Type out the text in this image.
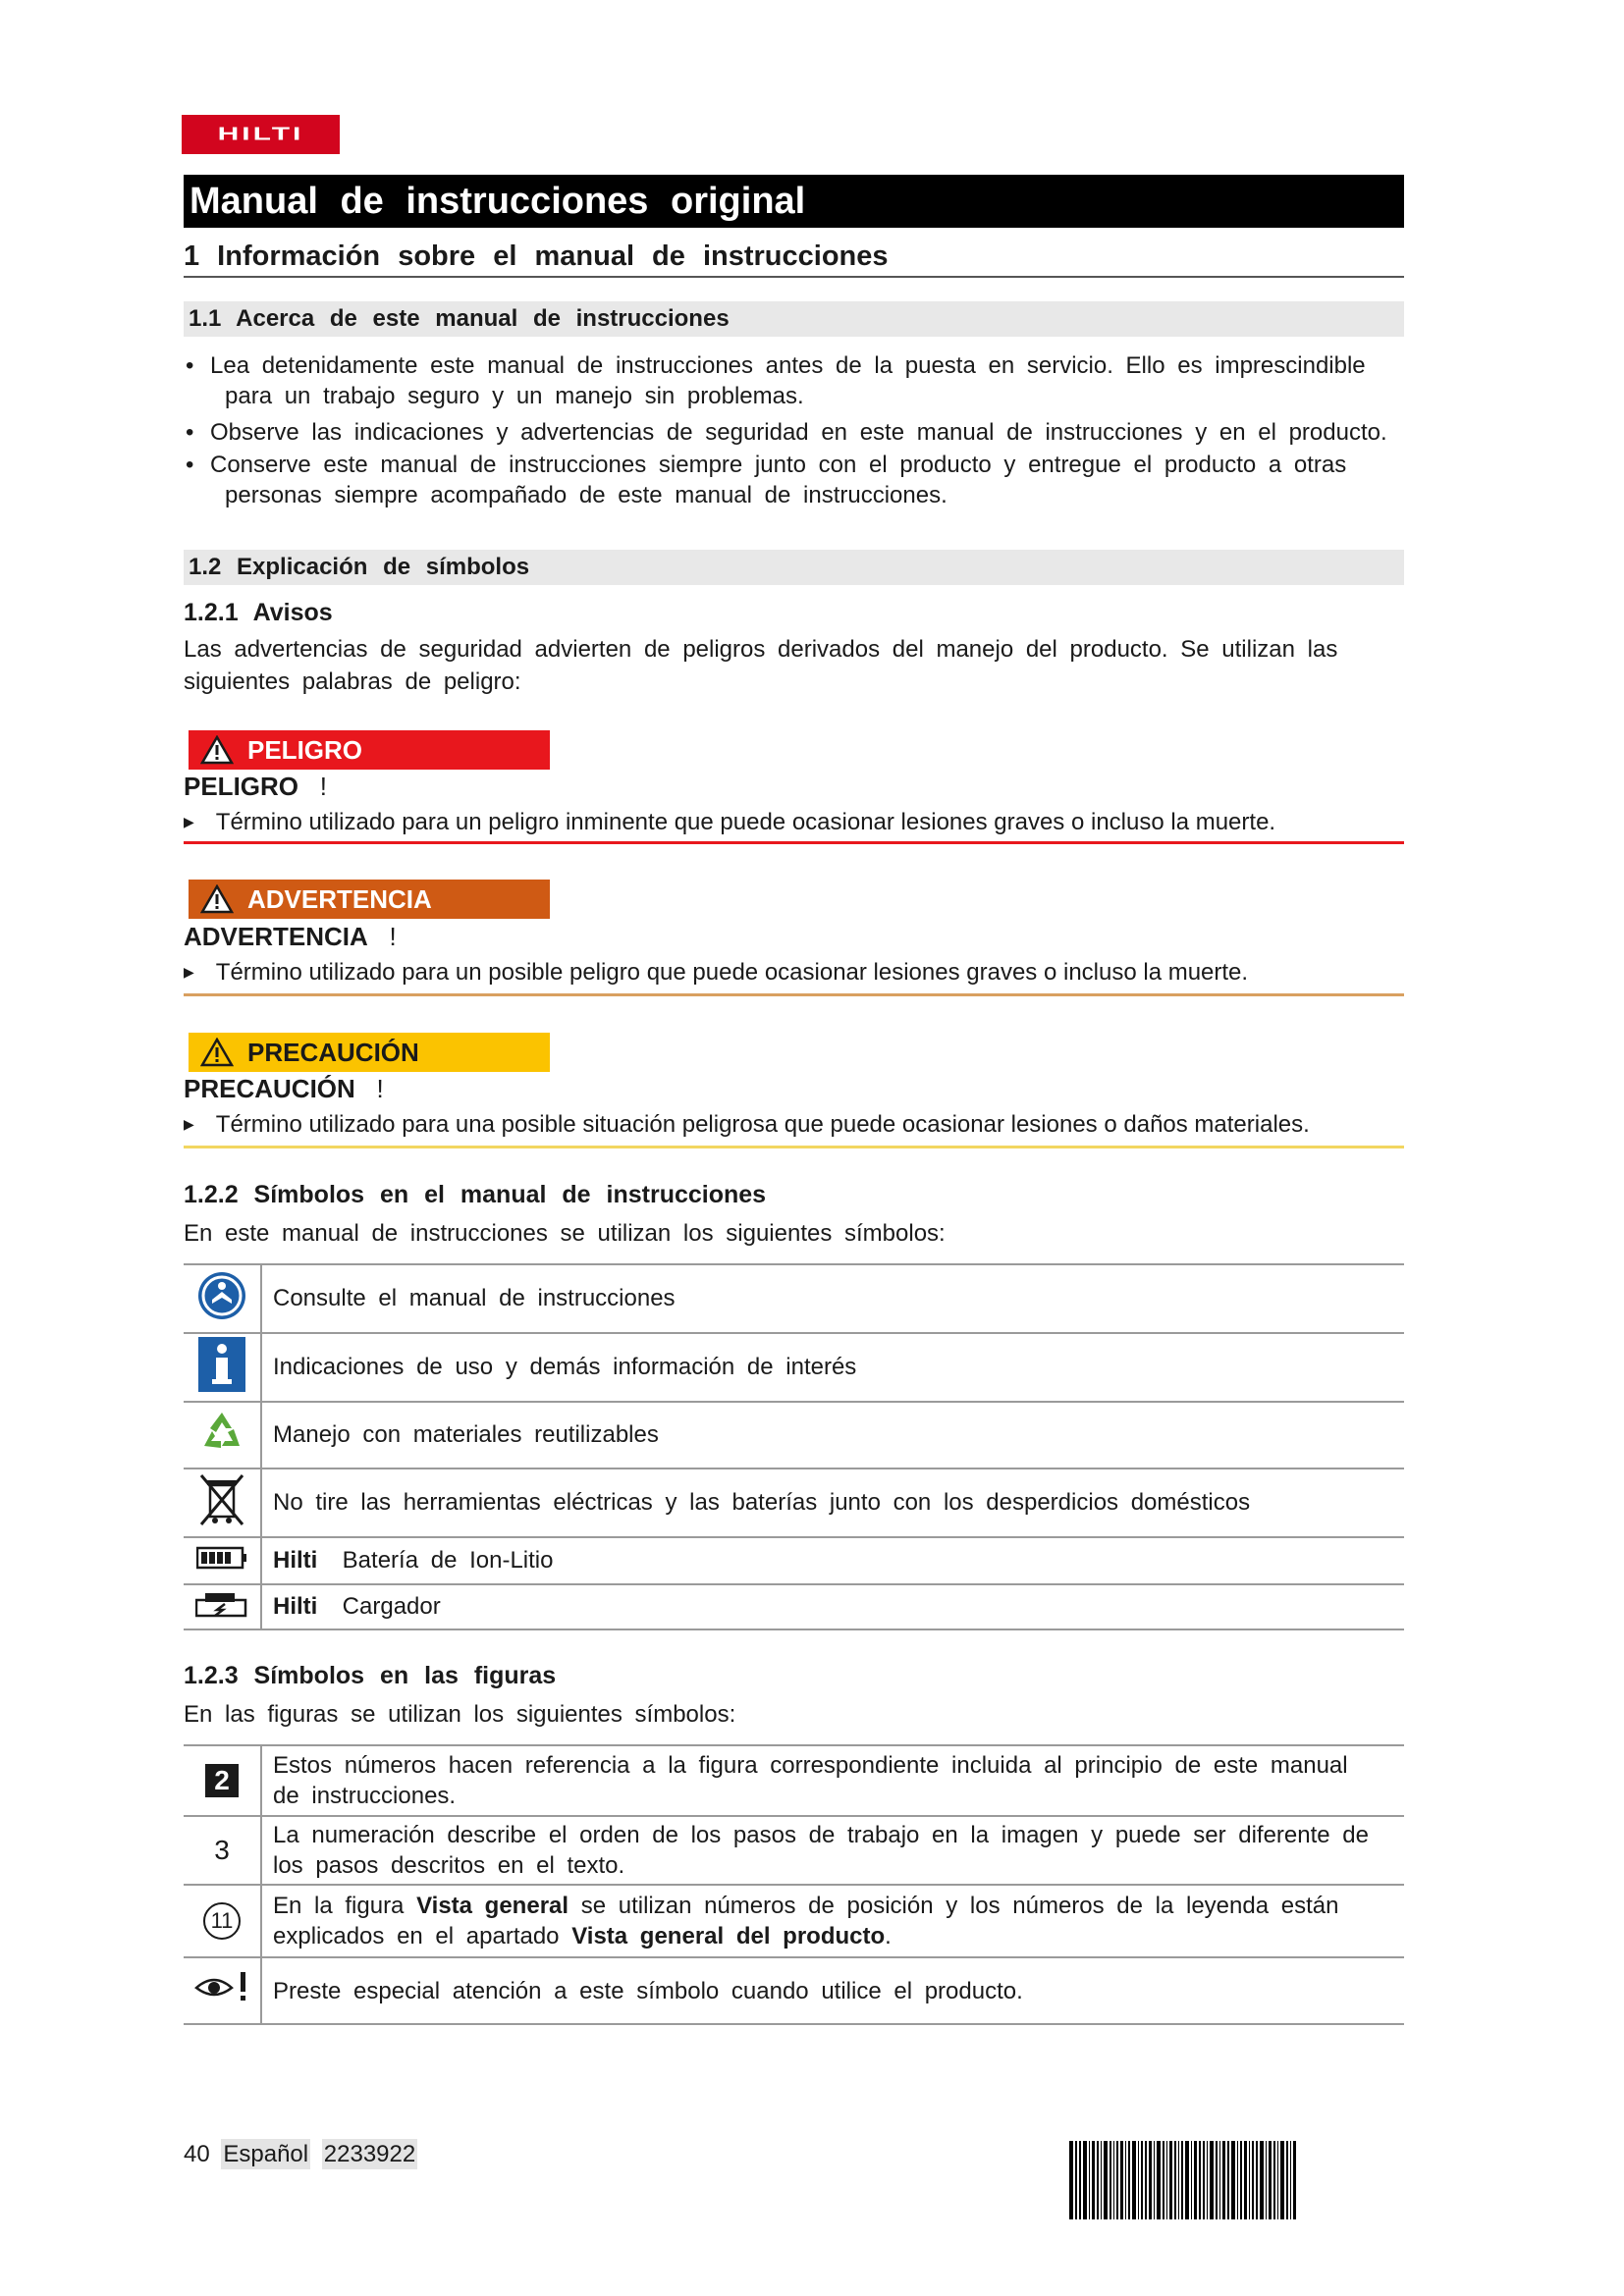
HILTI
Manual de instrucciones original
1 Información sobre el manual de instrucciones
1.1 Acerca de este manual de instrucciones
• Lea detenidamente este manual de instrucciones antes de la puesta en servicio. Ello es imprescindible
para un trabajo seguro y un manejo sin problemas.
• Observe las indicaciones y advertencias de seguridad en este manual de instrucciones y en el producto.
• Conserve este manual de instrucciones siempre junto con el producto y entregue el producto a otras
personas siempre acompañado de este manual de instrucciones.
1.2 Explicación de símbolos
1.2.1 Avisos
Las advertencias de seguridad advierten de peligros derivados del manejo del producto. Se utilizan las
siguientes palabras de peligro:
PELIGRO
PELIGRO !
▶ Término utilizado para un peligro inminente que puede ocasionar lesiones graves o incluso la muerte.
ADVERTENCIA
ADVERTENCIA !
▶ Término utilizado para un posible peligro que puede ocasionar lesiones graves o incluso la muerte.
PRECAUCIÓN
PRECAUCIÓN !
▶ Término utilizado para una posible situación peligrosa que puede ocasionar lesiones o daños materiales.
1.2.2 Símbolos en el manual de instrucciones
En este manual de instrucciones se utilizan los siguientes símbolos:
	Consulte el manual de instrucciones
	Indicaciones de uso y demás información de interés
	Manejo con materiales reutilizables
	No tire las herramientas eléctricas y las baterías junto con los desperdicios domésticos
	Hilti Batería de Ion-Litio
	Hilti Cargador
1.2.3 Símbolos en las figuras
En las figuras se utilizan los siguientes símbolos:
2	Estos números hacen referencia a la figura correspondiente incluida al principio de este manual
de instrucciones.

3	La numeración describe el orden de los pasos de trabajo en la imagen y puede ser diferente de
los pasos descritos en el texto.

11	En la figura Vista general se utilizan números de posición y los números de la leyenda están
explicados en el apartado Vista general del producto.

	Preste especial atención a este símbolo cuando utilice el producto.
40 Español 2233922
